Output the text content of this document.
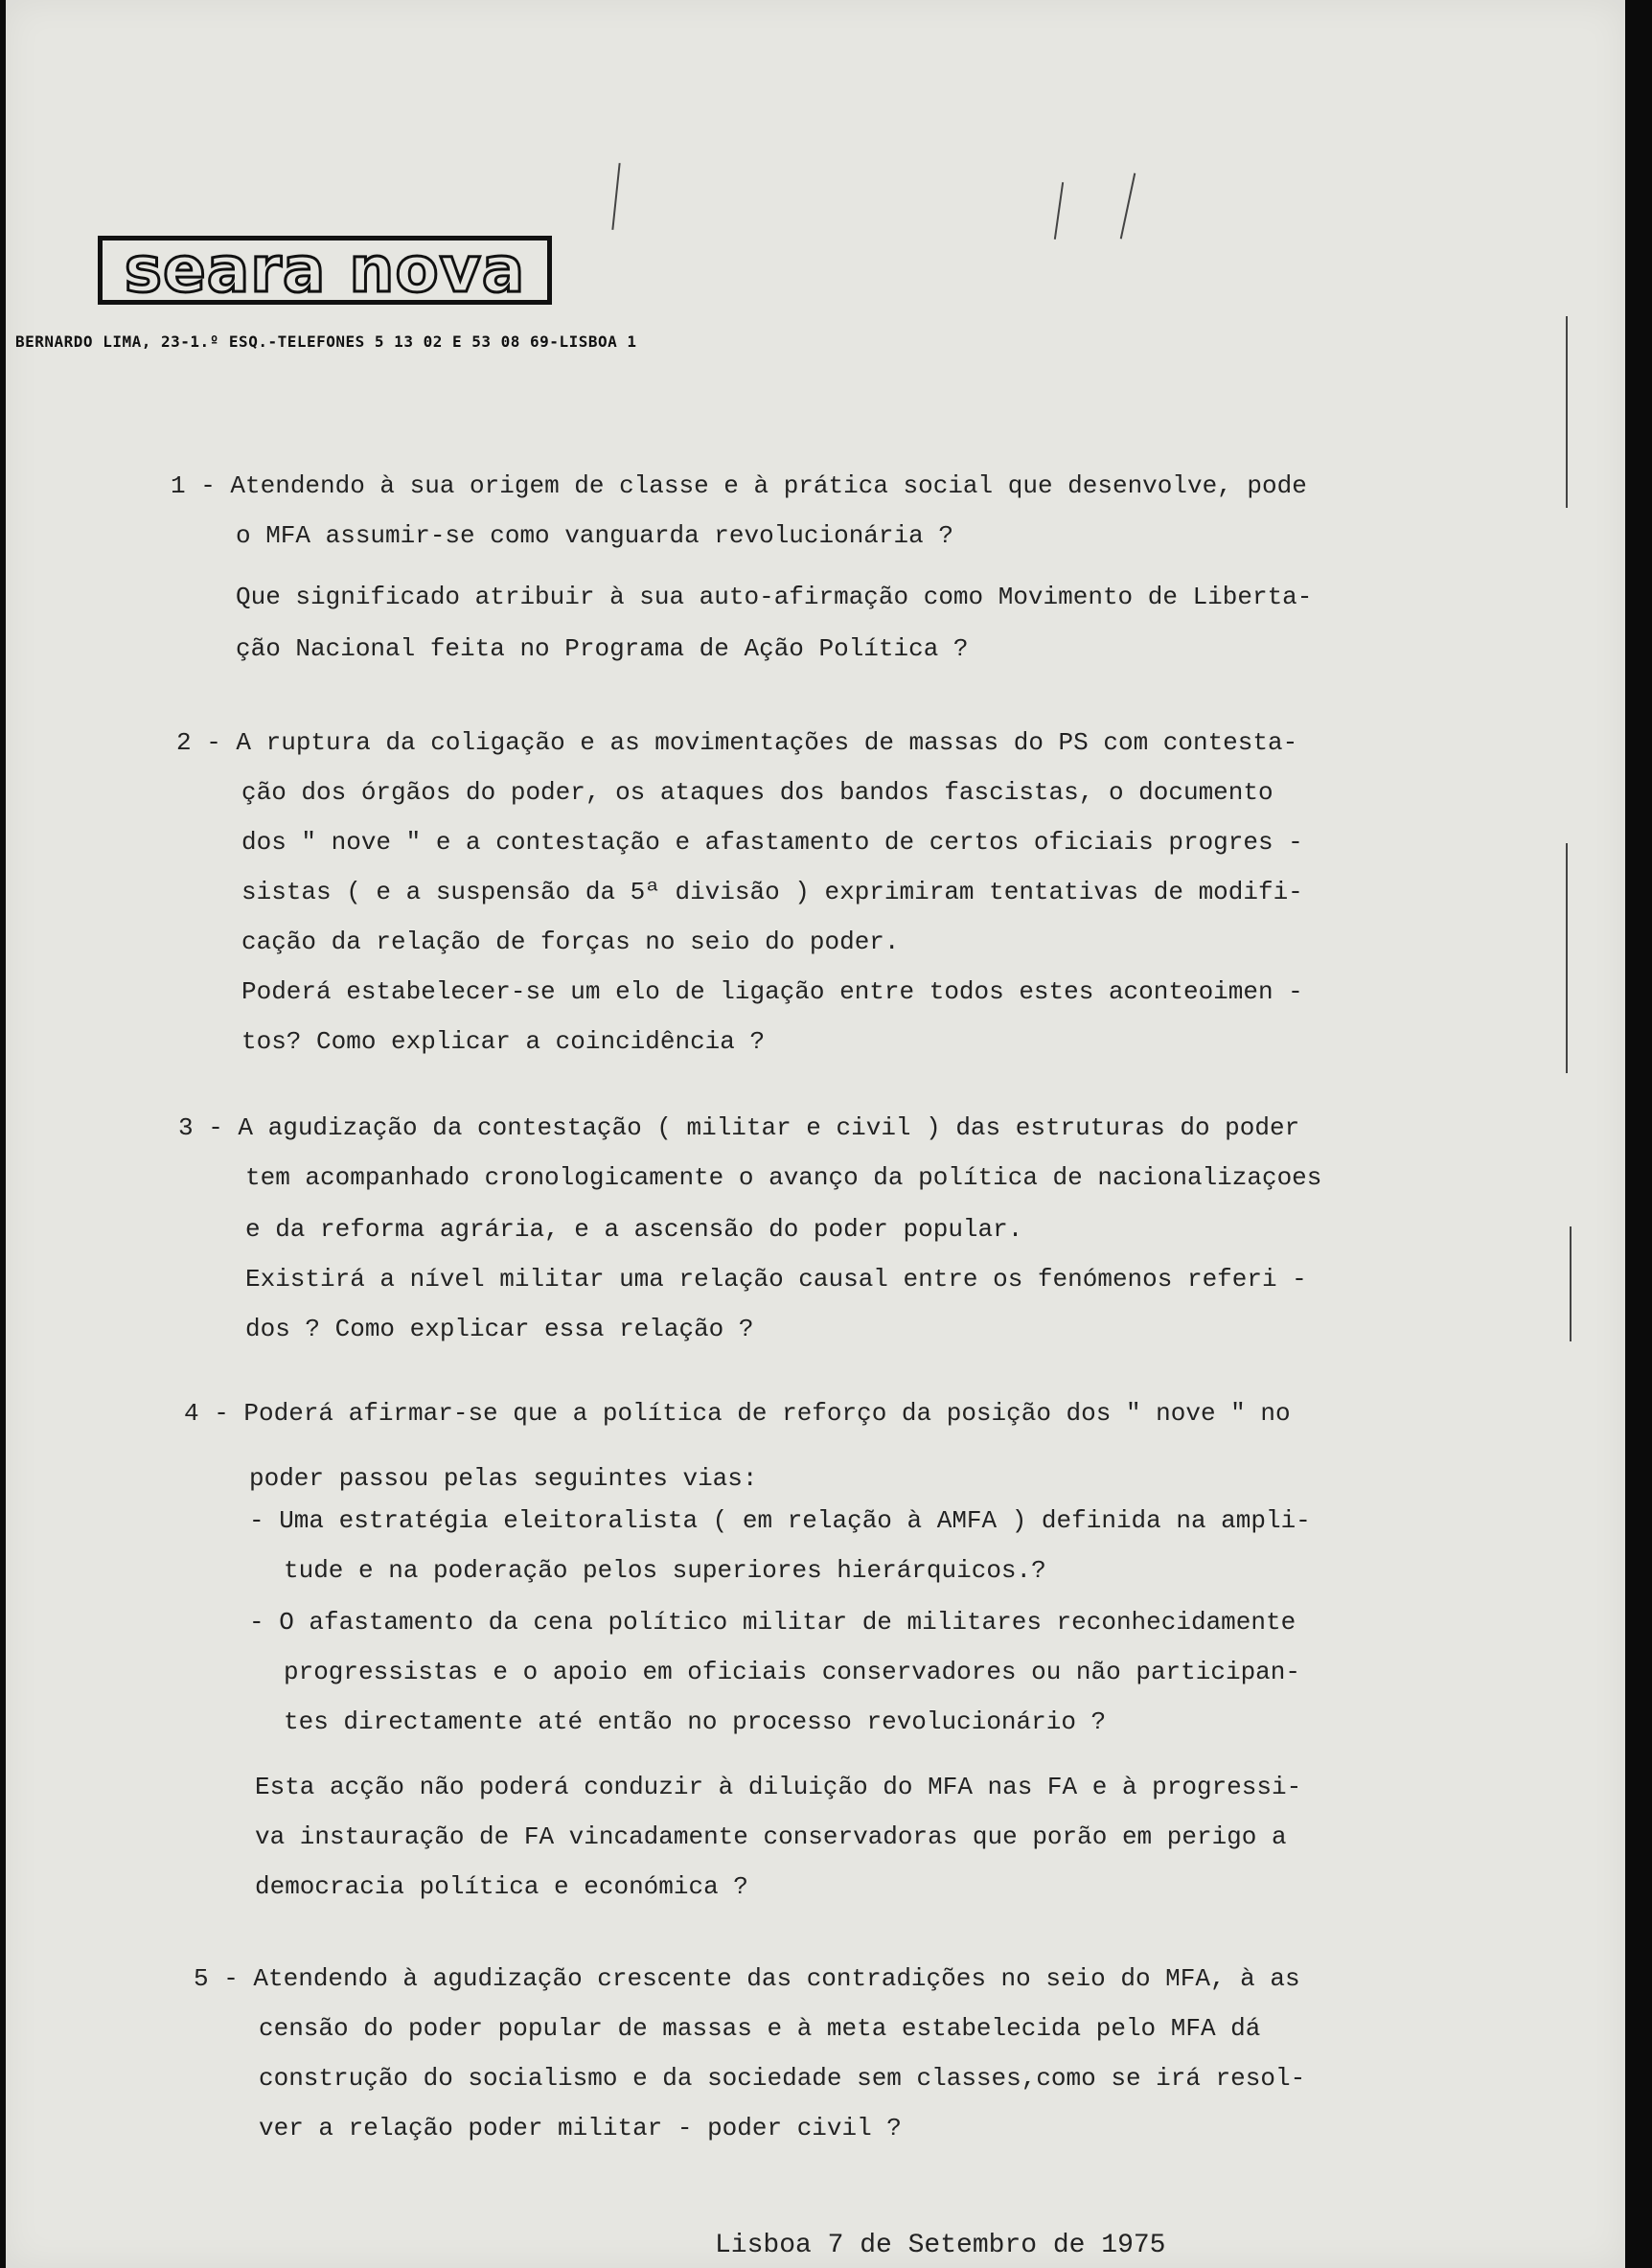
seara nova
BERNARDO LIMA, 23-1.º ESQ.-TELEFONES 5 13 02 E 53 08 69-LISBOA 1
1 - Atendendo à sua origem de classe e à prática social que desenvolve, pode
o MFA assumir-se como vanguarda revolucionária ?
Que significado atribuir à sua auto-afirmação como Movimento de Liberta-
ção Nacional feita no Programa de Ação Política ?
2 - A ruptura da coligação e as movimentações de massas do PS com contesta-
ção dos órgãos do poder, os ataques dos bandos fascistas, o documento
dos " nove " e a contestação e afastamento de certos oficiais progres -
sistas ( e a suspensão da 5ª divisão ) exprimiram tentativas de modifi-
cação da relação de forças no seio do poder.
Poderá estabelecer-se um elo de ligação entre todos estes aconteoimen -
tos? Como explicar a coincidência ?
3 - A agudização da contestação ( militar e civil ) das estruturas do poder
tem acompanhado cronologicamente o avanço da política de nacionalizaçoes
e da reforma agrária, e a ascensão do poder popular.
Existirá a nível militar uma relação causal entre os fenómenos referi -
dos ? Como explicar essa relação ?
4 - Poderá afirmar-se que a política de reforço da posição dos " nove " no
poder passou pelas seguintes vias:
- Uma estratégia eleitoralista ( em relação à AMFA ) definida na ampli-
tude e na poderação pelos superiores hierárquicos.?
- O afastamento da cena político militar de militares reconhecidamente
progressistas e o apoio em oficiais conservadores ou não participan-
tes directamente até então no processo revolucionário ?
Esta acção não poderá conduzir à diluição do MFA nas FA e à progressi-
va instauração de FA vincadamente conservadoras que porão em perigo a
democracia política e económica ?
5 - Atendendo à agudização crescente das contradições no seio do MFA, à as
censão do poder popular de massas e à meta estabelecida pelo MFA dá
construção do socialismo e da sociedade sem classes,como se irá resol-
ver a relação poder militar - poder civil ?
Lisboa 7 de Setembro de 1975
